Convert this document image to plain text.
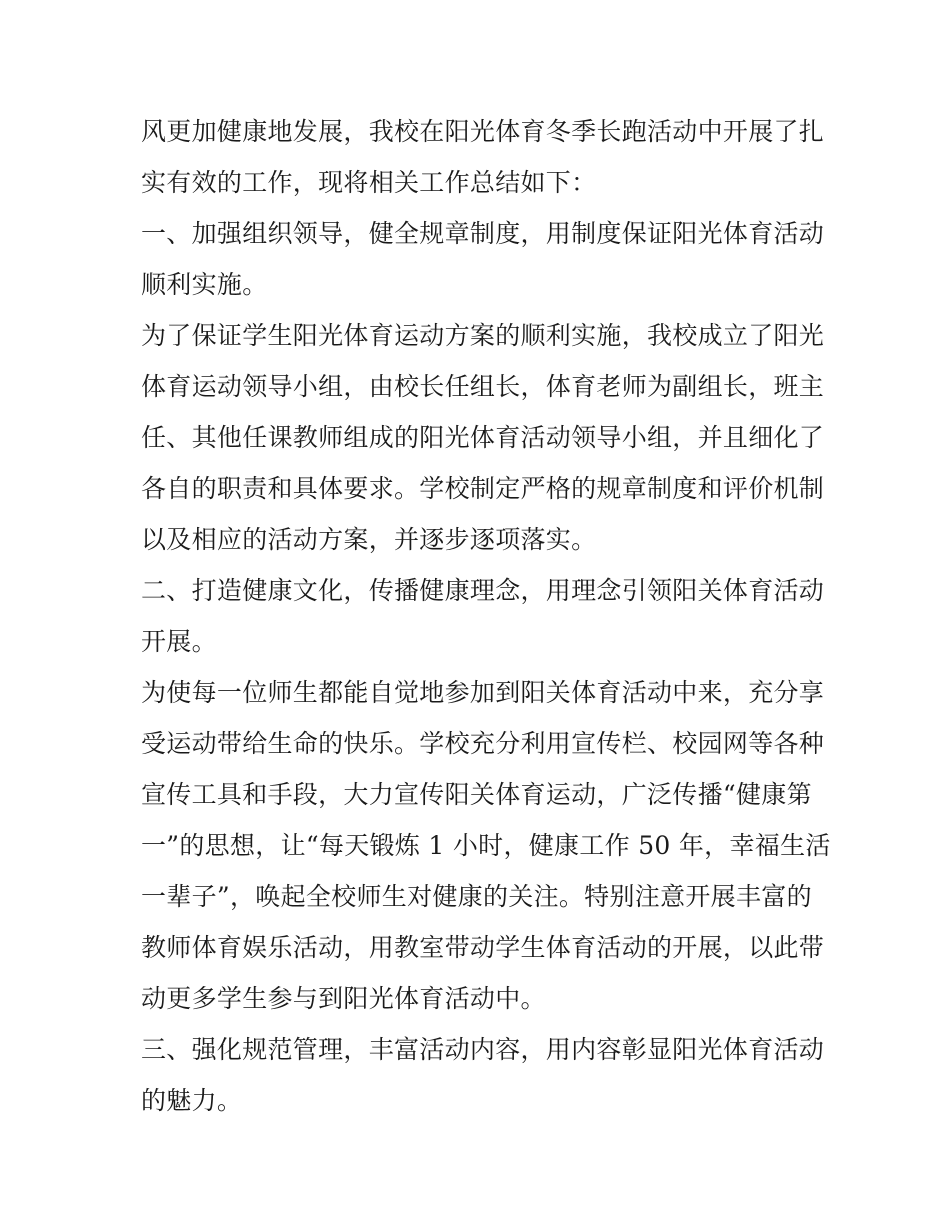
风更加健康地发展，我校在阳光体育冬季长跑活动中开展了扎
实有效的工作，现将相关工作总结如下：
一、加强组织领导，健全规章制度，用制度保证阳光体育活动
顺利实施。
为了保证学生阳光体育运动方案的顺利实施，我校成立了阳光
体育运动领导小组，由校长任组长，体育老师为副组长，班主
任、其他任课教师组成的阳光体育活动领导小组，并且细化了
各自的职责和具体要求。学校制定严格的规章制度和评价机制
以及相应的活动方案，并逐步逐项落实。
二、打造健康文化，传播健康理念，用理念引领阳关体育活动
开展。
为使每一位师生都能自觉地参加到阳关体育活动中来，充分享
受运动带给生命的快乐。学校充分利用宣传栏、校园网等各种
宣传工具和手段，大力宣传阳关体育运动，广泛传播“健康第
一”的思想，让“每天锻炼 1 小时，健康工作 50 年，幸福生活
一辈子”，唤起全校师生对健康的关注。特别注意开展丰富的
教师体育娱乐活动，用教室带动学生体育活动的开展，以此带
动更多学生参与到阳光体育活动中。
三、强化规范管理，丰富活动内容，用内容彰显阳光体育活动
的魅力。
